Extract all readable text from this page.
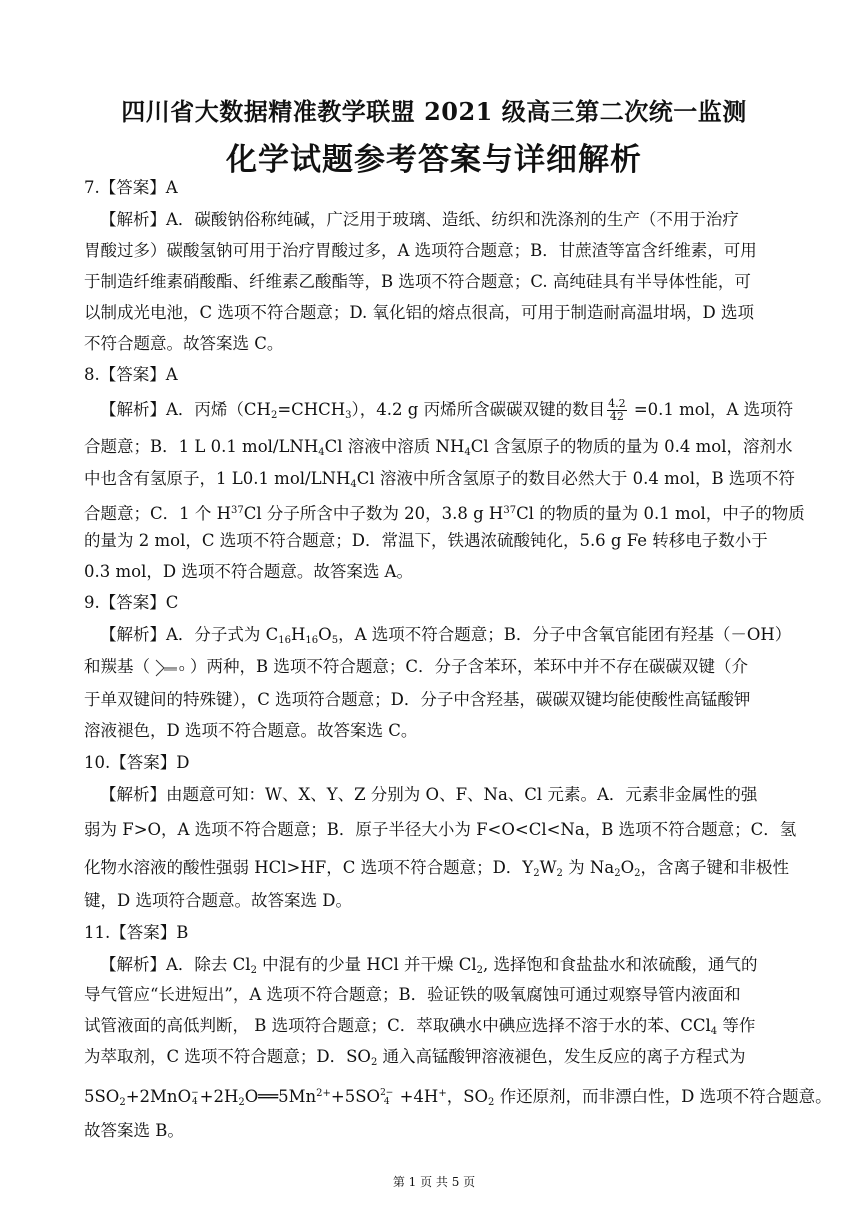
四川省大数据精准教学联盟 2021 级高三第二次统一监测
化学试题参考答案与详细解析
7.【答案】A
【解析】A．碳酸钠俗称纯碱，广泛用于玻璃、造纸、纺织和洗涤剂的生产（不用于治疗
胃酸过多）碳酸氢钠可用于治疗胃酸过多，A 选项符合题意；B．甘蔗渣等富含纤维素，可用
于制造纤维素硝酸酯、纤维素乙酸酯等，B 选项不符合题意；C. 高纯硅具有半导体性能，可
以制成光电池，C 选项不符合题意；D. 氧化铝的熔点很高，可用于制造耐高温坩埚，D 选项
不符合题意。故答案选 C。
8.【答案】A
【解析】A．丙烯$(CH_2=CHCH_3)$，4.2 g 丙烯所含碳碳双键的数目 $\frac{4.2}{42} =0.1$ mol，A 选项符
合题意；B．1 L 0.1 mol/$LNH_4Cl$ 溶液中溶质 $NH_4Cl$ 含氢原子的物质的量为 0.4 mol，溶剂水
中也含有氢原子，1 L0.1 mol/$LNH_4Cl$ 溶液中所含氢原子的数目必然大于 0.4 mol，B 选项不符
合题意；C．1 个 $H^{37}Cl$ 分子所含中子数为 20，3.8 g $H^{37}Cl$ 的物质的量为 0.1 mol，中子的物质
的量为 2 mol，C 选项不符合题意；D．常温下，铁遇浓硫酸钝化，5.6 g Fe 转移电子数小于
0.3 mol，D 选项不符合题意。故答案选 A。
9.【答案】C
【解析】A．分子式为 $C_{16}H_{16}O_5$，A 选项不符合题意；B．分子中含氧官能团有羟基（－OH）
和羰基（	O ）两种，B 选项不符合题意；C．分子含苯环，苯环中并不存在碳碳双键（介
于单双键间的特殊键），C 选项符合题意；D．分子中含羟基，碳碳双键均能使酸性高锰酸钾
溶液褪色，D 选项不符合题意。故答案选 C。
10.【答案】D
【解析】由题意可知：W、X、Y、Z 分别为 O、F、Na、Cl 元素。A．元素非金属性的强
弱为 F>O，A 选项不符合题意；B．原子半径大小为 F<O<Cl<Na，B 选项不符合题意；C．氢
化物水溶液的酸性强弱 HCl>HF，C 选项不符合题意；D．$Y_2W_2$ 为 $Na_2O_2$，含离子键和非极性
键，D 选项符合题意。故答案选 D。
11.【答案】B
【解析】A．除去 $Cl_2$ 中混有的少量 HCl 并干燥 $Cl_2$, 选择饱和食盐盐水和浓硫酸，通气的
导气管应“长进短出”，A 选项不符合题意；B．验证铁的吸氧腐蚀可通过观察导管内液面和
试管液面的高低判断， B 选项符合题意；C．萃取碘水中碘应选择不溶于水的苯、CCl$_4$ 等作
为萃取剂，C 选项不符合题意；D．$SO_2$ 通入高锰酸钾溶液褪色，发生反应的离子方程式为
$5SO_2+2MnO$ −
$4 +2H_2O══5Mn^{2+}+5SO$ 2−
4 +4H+，$SO_2$ 作还原剂，而非漂白性，D 选项不符合题意。
故答案选 B。
第 1 页 共 5 页
